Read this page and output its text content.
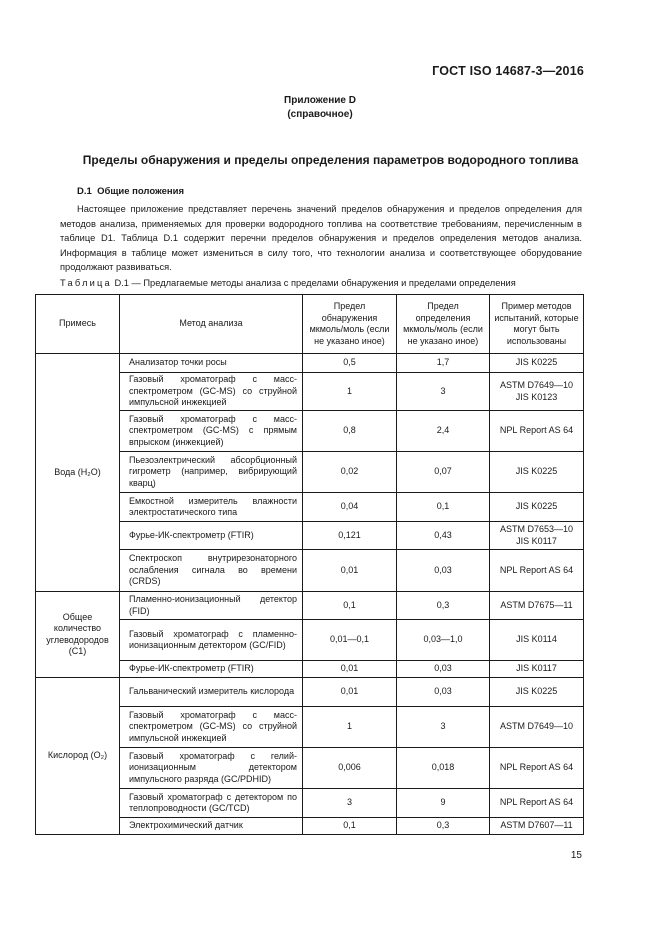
ГОСТ ISO 14687-3—2016
Приложение D
(справочное)
Пределы обнаружения и пределы определения параметров водородного топлива
D.1 Общие положения
Настоящее приложение представляет перечень значений пределов обнаружения и пределов определения для методов анализа, применяемых для проверки водородного топлива на соответствие требованиям, перечисленным в таблице D1. Таблица D.1 содержит перечни пределов обнаружения и пределов определения методов анализа. Информация в таблице может измениться в силу того, что технологии анализа и соответствующее оборудование продолжают развиваться.
Таблица D.1 — Предлагаемые методы анализа с пределами обнаружения и пределами определения
Примесь	Метод анализа	Предел обнаружения мкмоль/моль (если не указано иное)	Предел определения мкмоль/моль (если не указано иное)	Пример методов испытаний, которые могут быть использованы
Вода (H₂O)	Анализатор точки росы	0,5	1,7	JIS K0225
	Газовый хроматограф с масс-спектрометром (GC-MS) со струйной импульсной инжекцией	1	3	ASTM D7649—10 JIS K0123
	Газовый хроматограф с масс-спектрометром (GC-MS) с прямым впрыском (инжекцией)	0,8	2,4	NPL Report AS 64
	Пьезоэлектрический абсорбционный гигрометр (например, вибрирующий кварц)	0,02	0,07	JIS K0225
	Емкостной измеритель влажности электростатического типа	0,04	0,1	JIS K0225
	Фурье-ИК-спектрометр (FTIR)	0,121	0,43	ASTM D7653—10 JIS K0117
	Спектроскоп внутрирезонаторного ослабления сигнала во времени (CRDS)	0,01	0,03	NPL Report AS 64
Общее количество углеводородов (C1)	Пламенно-ионизационный детектор (FID)	0,1	0,3	ASTM D7675—11
	Газовый хроматограф с пламенно-ионизационным детектором (GC/FID)	0,01—0,1	0,03—1,0	JIS K0114
	Фурье-ИК-спектрометр (FTIR)	0,01	0,03	JIS K0117
Кислород (O₂)	Гальванический измеритель кислорода	0,01	0,03	JIS K0225
	Газовый хроматограф с масс-спектрометром (GC-MS) со струйной импульсной инжекцией	1	3	ASTM D7649—10
	Газовый хроматограф с гелий-ионизационным детектором импульсного разряда (GC/PDHID)	0,006	0,018	NPL Report AS 64
	Газовый хроматограф с детектором по теплопроводности (GC/TCD)	3	9	NPL Report AS 64
	Электрохимический датчик	0,1	0,3	ASTM D7607—11
15
